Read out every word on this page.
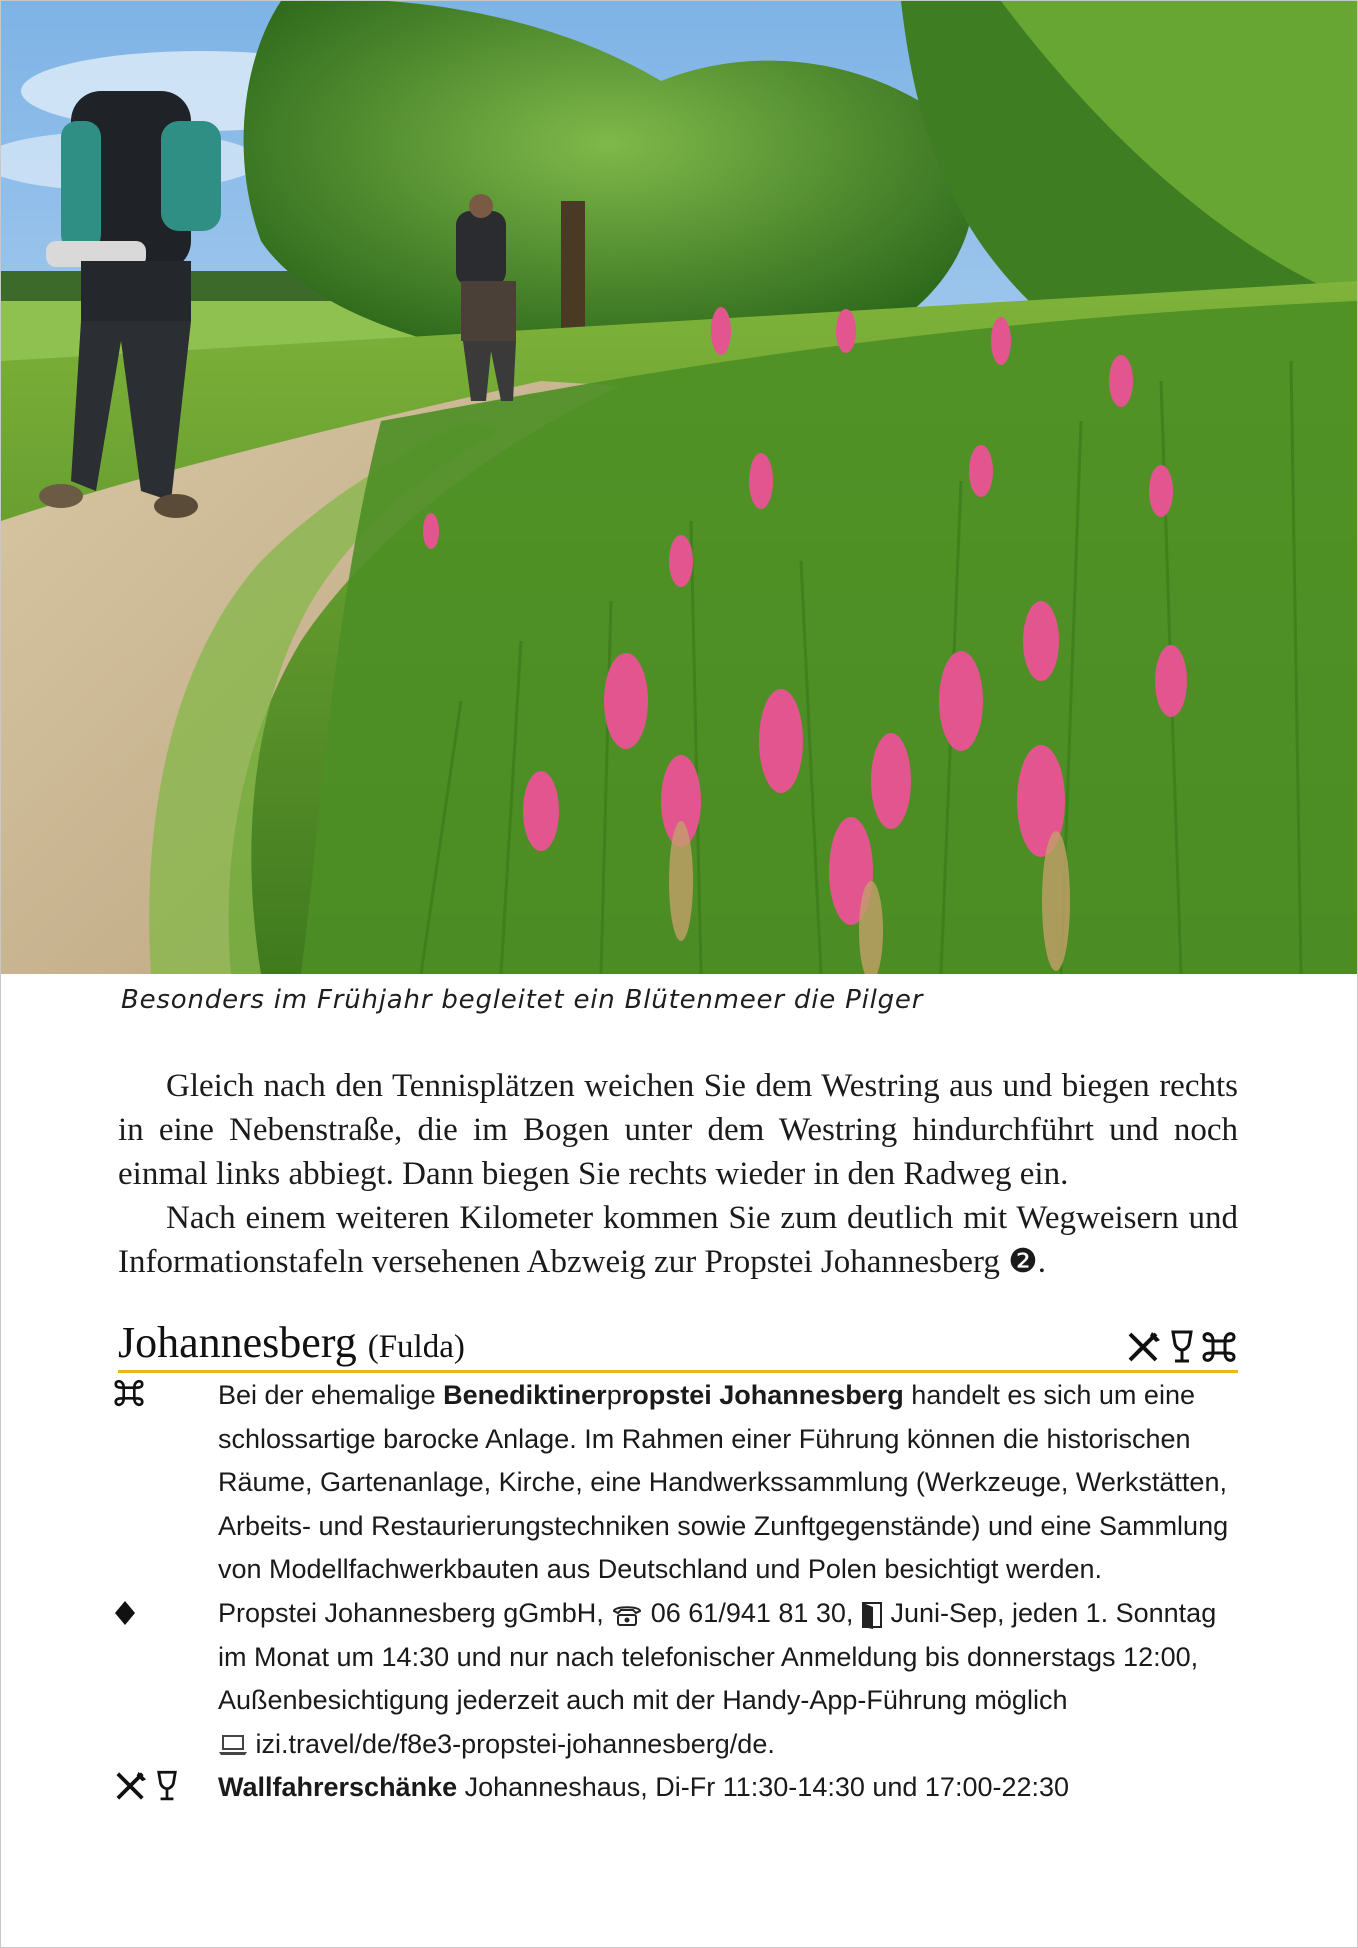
Besonders im Frühjahr begleitet ein Blütenmeer die Pilger

Gleich nach den Tennisplätzen weichen Sie dem Westring aus und biegen rechts in eine Nebenstraße, die im Bogen unter dem Westring hindurchführt und noch einmal links abbiegt. Dann biegen Sie rechts wieder in den Radweg ein.

Nach einem weiteren Kilometer kommen Sie zum deutlich mit Wegweisern und Informationstafeln versehenen Abzweig zur Propstei Johannesberg ❷.

Johannesberg (Fulda)
Bei der ehemalige Benediktinerpropstei Johannesberg handelt es sich um eine schlossartige barocke Anlage. Im Rahmen einer Führung können die historischen Räume, Gartenanlage, Kirche, eine Handwerkssammlung (Werkzeuge, Werkstätten, Arbeits- und Restaurierungstechniken sowie Zunftgegenstände) und eine Sammlung von Modellfachwerkbauten aus Deutschland und Polen besichtigt werden.
Propstei Johannesberg gGmbH, 06 61/941 81 30, Juni-Sep, jeden 1. Sonntag im Monat um 14:30 und nur nach telefonischer Anmeldung bis donnerstags 12:00, Außenbesichtigung jederzeit auch mit der Handy-App-Führung möglich
izi.travel/de/f8e3-propstei-johannesberg/de.
Wallfahrerschänke Johanneshaus, Di-Fr 11:30-14:30 und 17:00-22:30
